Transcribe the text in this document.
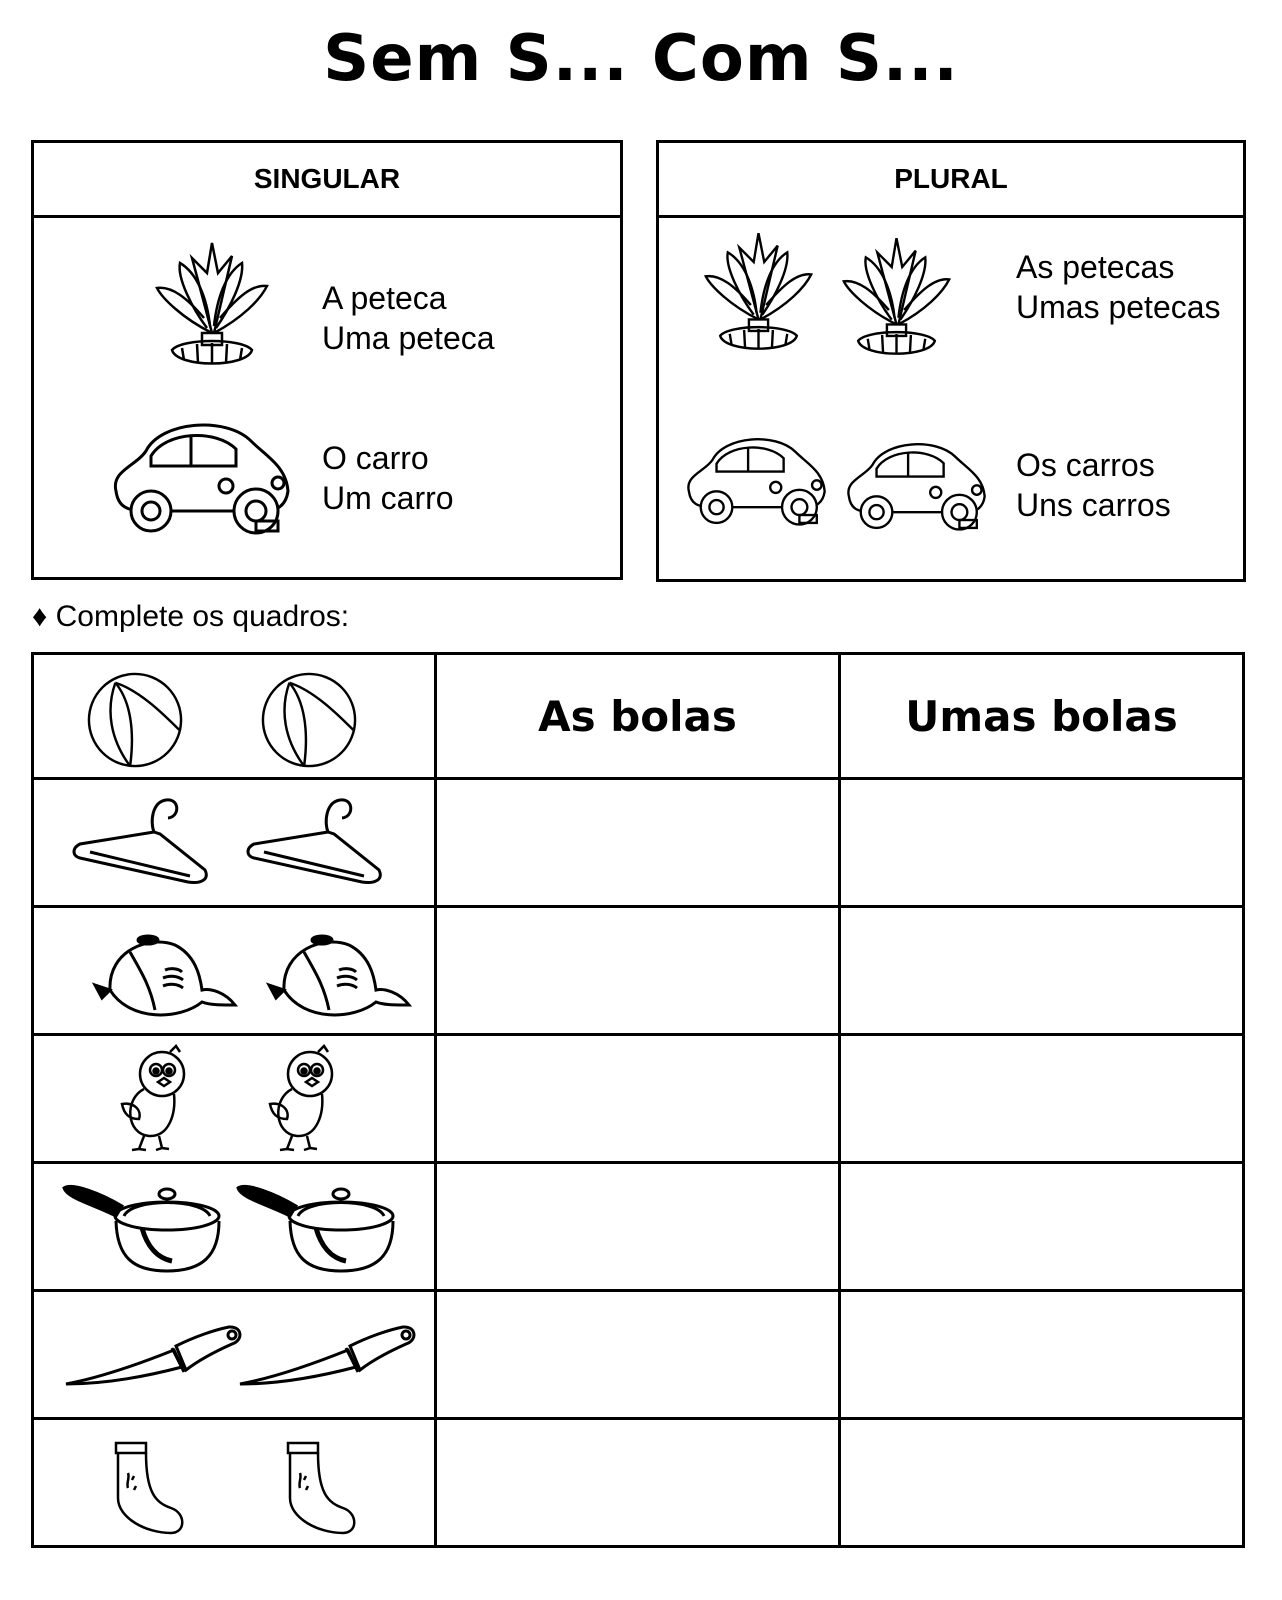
Sem S... Com S...
SINGULAR
A peteca
Uma peteca
O carro
Um carro
PLURAL
As petecas
Umas petecas
Os carros
Uns carros
♦ Complete os quadros:
As bolas	Umas bolas
